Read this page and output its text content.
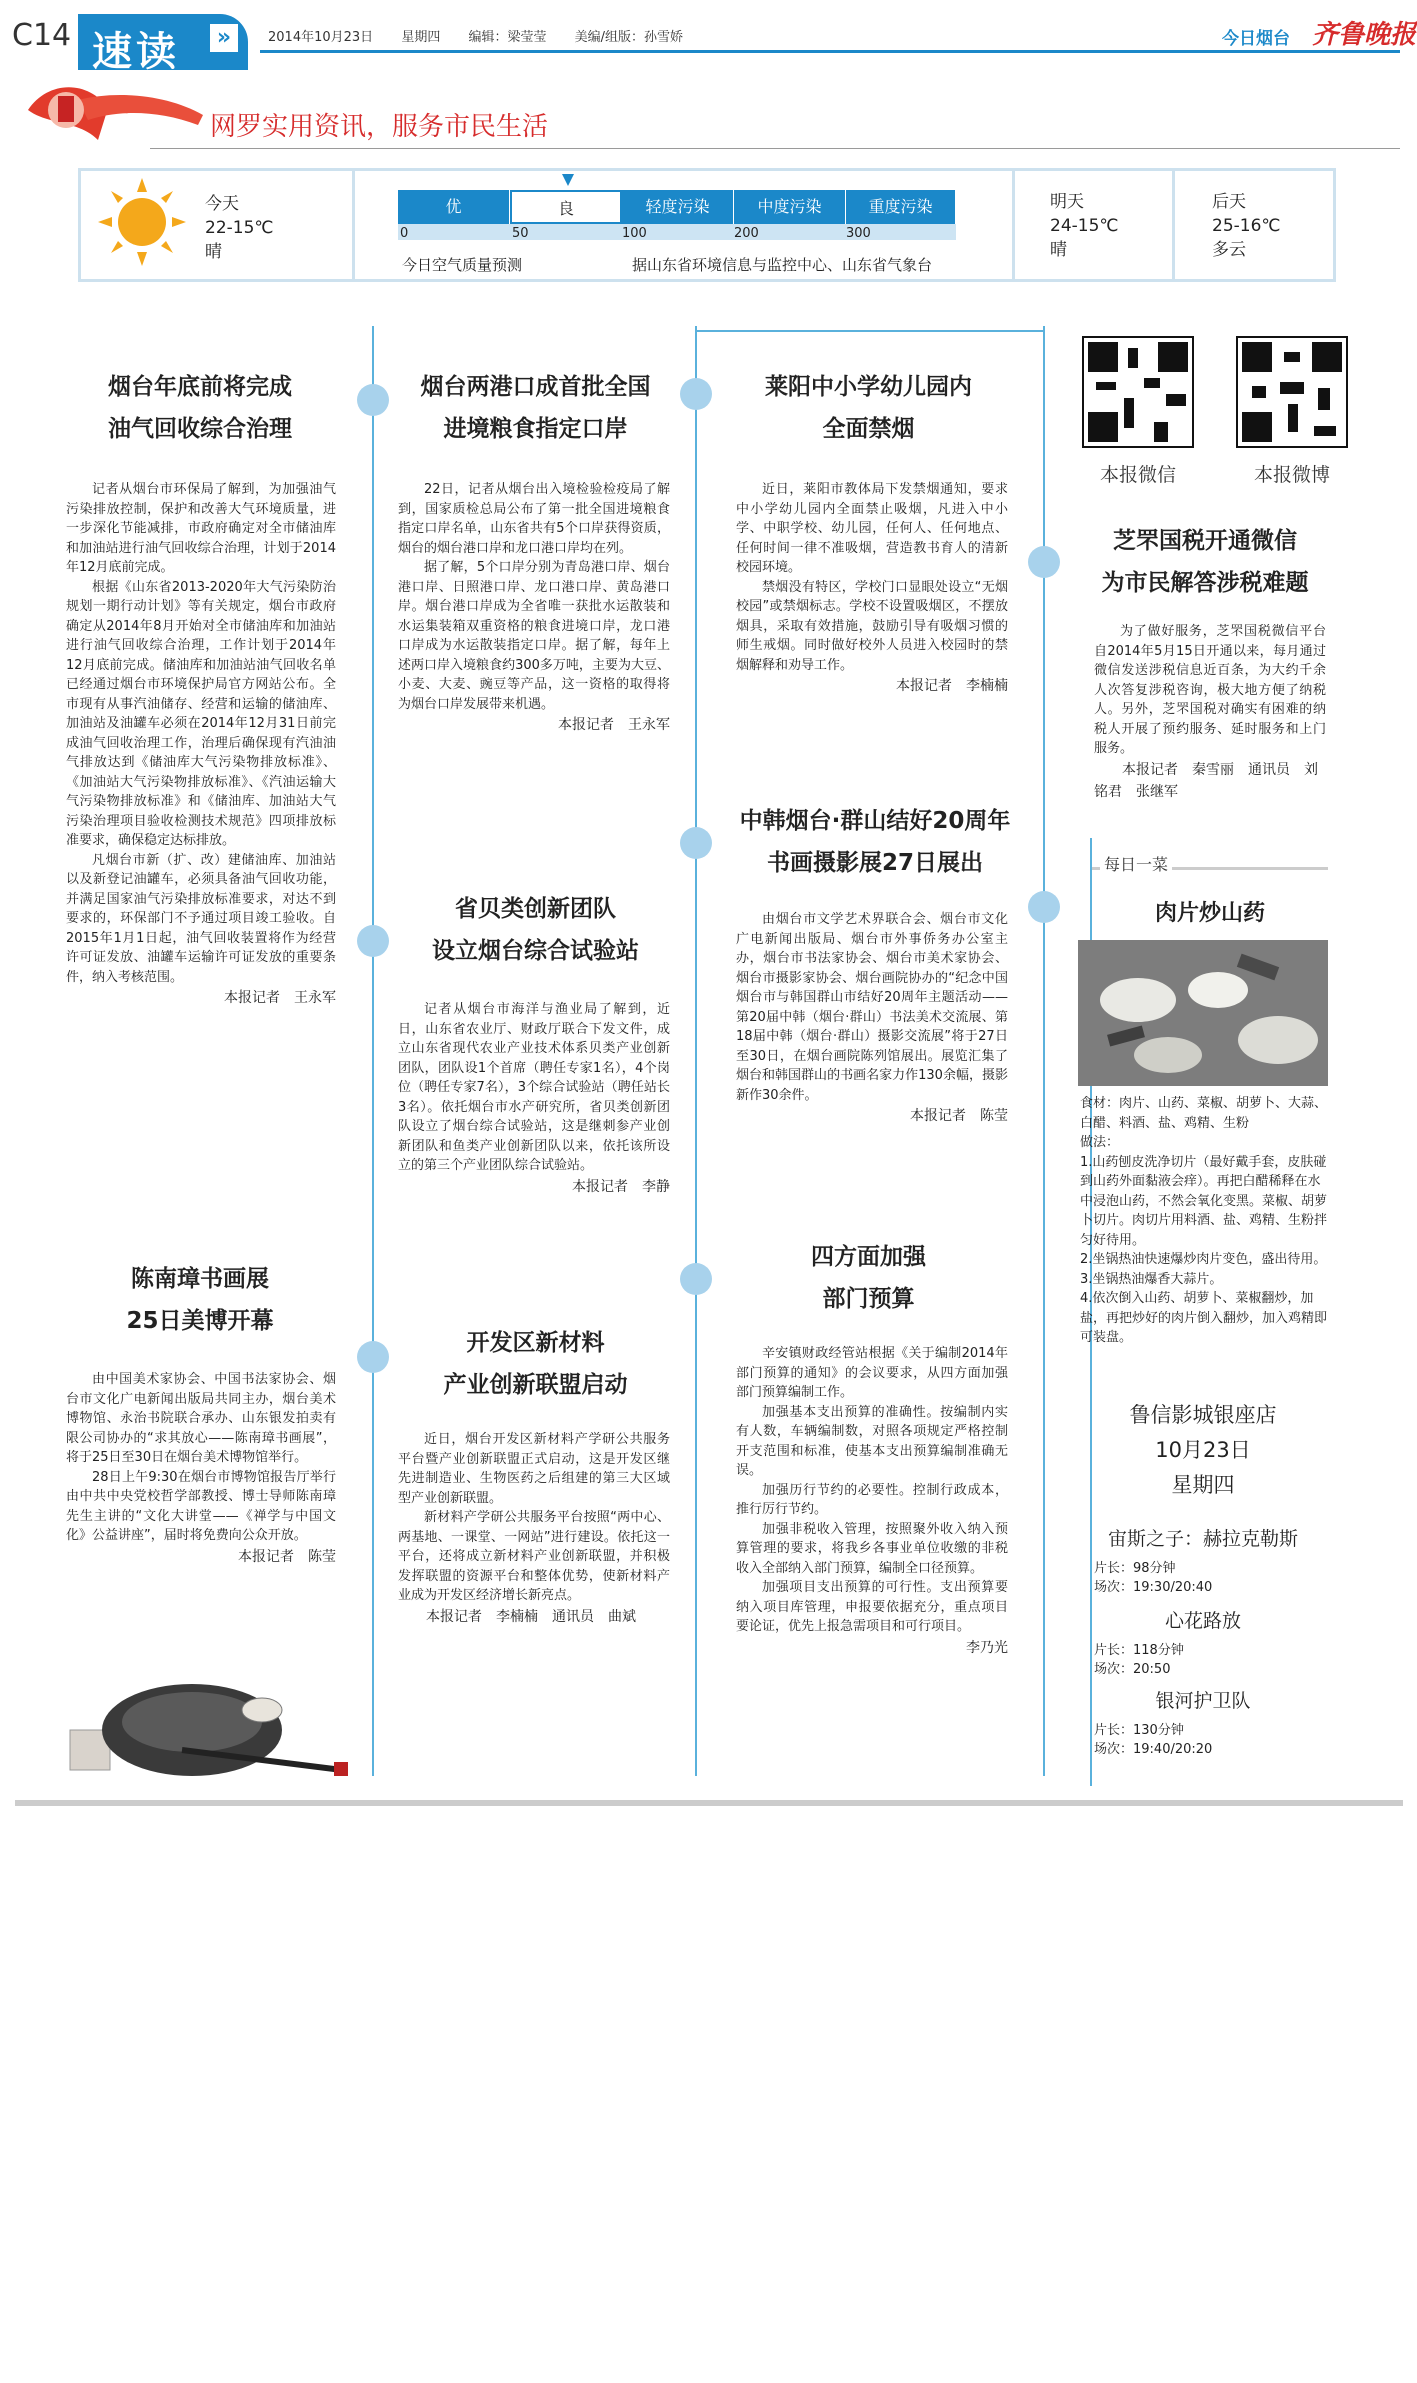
C14 速读	»	2014年10月23日 星期四 编辑：梁莹莹 美编/组版：孙雪娇	今日烟台 齐鲁晚报
网罗实用资讯，服务市民生活
今天
22-15℃
晴
优	良	轻度污染	中度污染	重度污染
0	50	100	200	300
今日空气质量预测	据山东省环境信息与监控中心、山东省气象台
明天
24-15℃
晴
后天
25-16℃
多云
烟台年底前将完成
油气回收综合治理

记者从烟台市环保局了解到，为加强油气污染排放控制，保护和改善大气环境质量，进一步深化节能减排，市政府确定对全市储油库和加油站进行油气回收综合治理，计划于2014年12月底前完成。

根据《山东省2013-2020年大气污染防治规划一期行动计划》等有关规定，烟台市政府确定从2014年8月开始对全市储油库和加油站进行油气回收综合治理，工作计划于2014年12月底前完成。储油库和加油站油气回收名单已经通过烟台市环境保护局官方网站公布。全市现有从事汽油储存、经营和运输的储油库、加油站及油罐车必须在2014年12月31日前完成油气回收治理工作，治理后确保现有汽油油气排放达到《储油库大气污染物排放标准》、《加油站大气污染物排放标准》、《汽油运输大气污染物排放标准》和《储油库、加油站大气污染治理项目验收检测技术规范》四项排放标准要求，确保稳定达标排放。

凡烟台市新（扩、改）建储油库、加油站以及新登记油罐车，必须具备油气回收功能，并满足国家油气污染排放标准要求，对达不到要求的，环保部门不予通过项目竣工验收。自2015年1月1日起，油气回收装置将作为经营许可证发放、油罐车运输许可证发放的重要条件，纳入考核范围。

本报记者　王永军

陈南璋书画展
25日美博开幕

由中国美术家协会、中国书法家协会、烟台市文化广电新闻出版局共同主办，烟台美术博物馆、永治书院联合承办、山东银发拍卖有限公司协办的“求其放心——陈南璋书画展”，将于25日至30日在烟台美术博物馆举行。

28日上午9:30在烟台市博物馆报告厅举行由中共中央党校哲学部教授、博士导师陈南璋先生主讲的“文化大讲堂——《禅学与中国文化》公益讲座”，届时将免费向公众开放。

本报记者　陈莹

烟台两港口成首批全国
进境粮食指定口岸

22日，记者从烟台出入境检验检疫局了解到，国家质检总局公布了第一批全国进境粮食指定口岸名单，山东省共有5个口岸获得资质，烟台的烟台港口岸和龙口港口岸均在列。

据了解，5个口岸分别为青岛港口岸、烟台港口岸、日照港口岸、龙口港口岸、黄岛港口岸。烟台港口岸成为全省唯一获批水运散装和水运集装箱双重资格的粮食进境口岸，龙口港口岸成为水运散装指定口岸。据了解，每年上述两口岸入境粮食约300多万吨，主要为大豆、小麦、大麦、豌豆等产品，这一资格的取得将为烟台口岸发展带来机遇。

本报记者　王永军

省贝类创新团队
设立烟台综合试验站

记者从烟台市海洋与渔业局了解到，近日，山东省农业厅、财政厅联合下发文件，成立山东省现代农业产业技术体系贝类产业创新团队，团队设1个首席（聘任专家1名），4个岗位（聘任专家7名），3个综合试验站（聘任站长3名）。依托烟台市水产研究所，省贝类创新团队设立了烟台综合试验站，这是继刺参产业创新团队和鱼类产业创新团队以来，依托该所设立的第三个产业团队综合试验站。

本报记者　李静

开发区新材料
产业创新联盟启动

近日，烟台开发区新材料产学研公共服务平台暨产业创新联盟正式启动，这是开发区继先进制造业、生物医药之后组建的第三大区域型产业创新联盟。

新材料产学研公共服务平台按照“两中心、两基地、一课堂、一网站”进行建设。依托这一平台，还将成立新材料产业创新联盟，并积极发挥联盟的资源平台和整体优势，使新材料产业成为开发区经济增长新亮点。

本报记者　李楠楠　通讯员　曲斌

莱阳中小学幼儿园内
全面禁烟

近日，莱阳市教体局下发禁烟通知，要求中小学幼儿园内全面禁止吸烟，凡进入中小学、中职学校、幼儿园，任何人、任何地点、任何时间一律不准吸烟，营造教书育人的清新校园环境。

禁烟没有特区，学校门口显眼处设立“无烟校园”或禁烟标志。学校不设置吸烟区，不摆放烟具，采取有效措施，鼓励引导有吸烟习惯的师生戒烟。同时做好校外人员进入校园时的禁烟解释和劝导工作。

本报记者　李楠楠

中韩烟台·群山结好20周年
书画摄影展27日展出

由烟台市文学艺术界联合会、烟台市文化广电新闻出版局、烟台市外事侨务办公室主办，烟台市书法家协会、烟台市美术家协会、烟台市摄影家协会、烟台画院协办的“纪念中国烟台市与韩国群山市结好20周年主题活动——第20届中韩（烟台·群山）书法美术交流展、第18届中韩（烟台·群山）摄影交流展”将于27日至30日，在烟台画院陈列馆展出。展览汇集了烟台和韩国群山的书画名家力作130余幅，摄影新作30余件。

本报记者　陈莹

四方面加强
部门预算

辛安镇财政经管站根据《关于编制2014年部门预算的通知》的会议要求，从四方面加强部门预算编制工作。

加强基本支出预算的准确性。按编制内实有人数，车辆编制数，对照各项规定严格控制开支范围和标准，使基本支出预算编制准确无误。

加强历行节约的必要性。控制行政成本，推行厉行节约。

加强非税收入管理，按照聚外收入纳入预算管理的要求，将我乡各事业单位收缴的非税收入全部纳入部门预算，编制全口径预算。

加强项目支出预算的可行性。支出预算要纳入项目库管理，申报要依据充分，重点项目要论证，优先上报急需项目和可行项目。

李乃光

本报微信	本报微博
芝罘国税开通微信
为市民解答涉税难题

为了做好服务，芝罘国税微信平台自2014年5月15日开通以来，每月通过微信发送涉税信息近百条，为大约千余人次答复涉税咨询，极大地方便了纳税人。另外，芝罘国税对确实有困难的纳税人开展了预约服务、延时服务和上门服务。

本报记者　秦雪丽　通讯员　刘铭君　张继军

每日一菜
肉片炒山药

食材：肉片、山药、菜椒、胡萝卜、大蒜、白醋、料酒、盐、鸡精、生粉

做法：

1.山药刨皮洗净切片（最好戴手套，皮肤碰到山药外面黏液会痒）。再把白醋稀释在水中浸泡山药，不然会氧化变黑。菜椒、胡萝卜切片。肉切片用料酒、盐、鸡精、生粉拌匀好待用。

2.坐锅热油快速爆炒肉片变色，盛出待用。

3.坐锅热油爆香大蒜片。

4.依次倒入山药、胡萝卜、菜椒翻炒，加盐，再把炒好的肉片倒入翻炒，加入鸡精即可装盘。

鲁信影城银座店
10月23日
星期四
宙斯之子：赫拉克勒斯
片长：98分钟
场次：19:30/20:40
心花路放
片长：118分钟
场次：20:50
银河护卫队
片长：130分钟
场次：19:40/20:20
